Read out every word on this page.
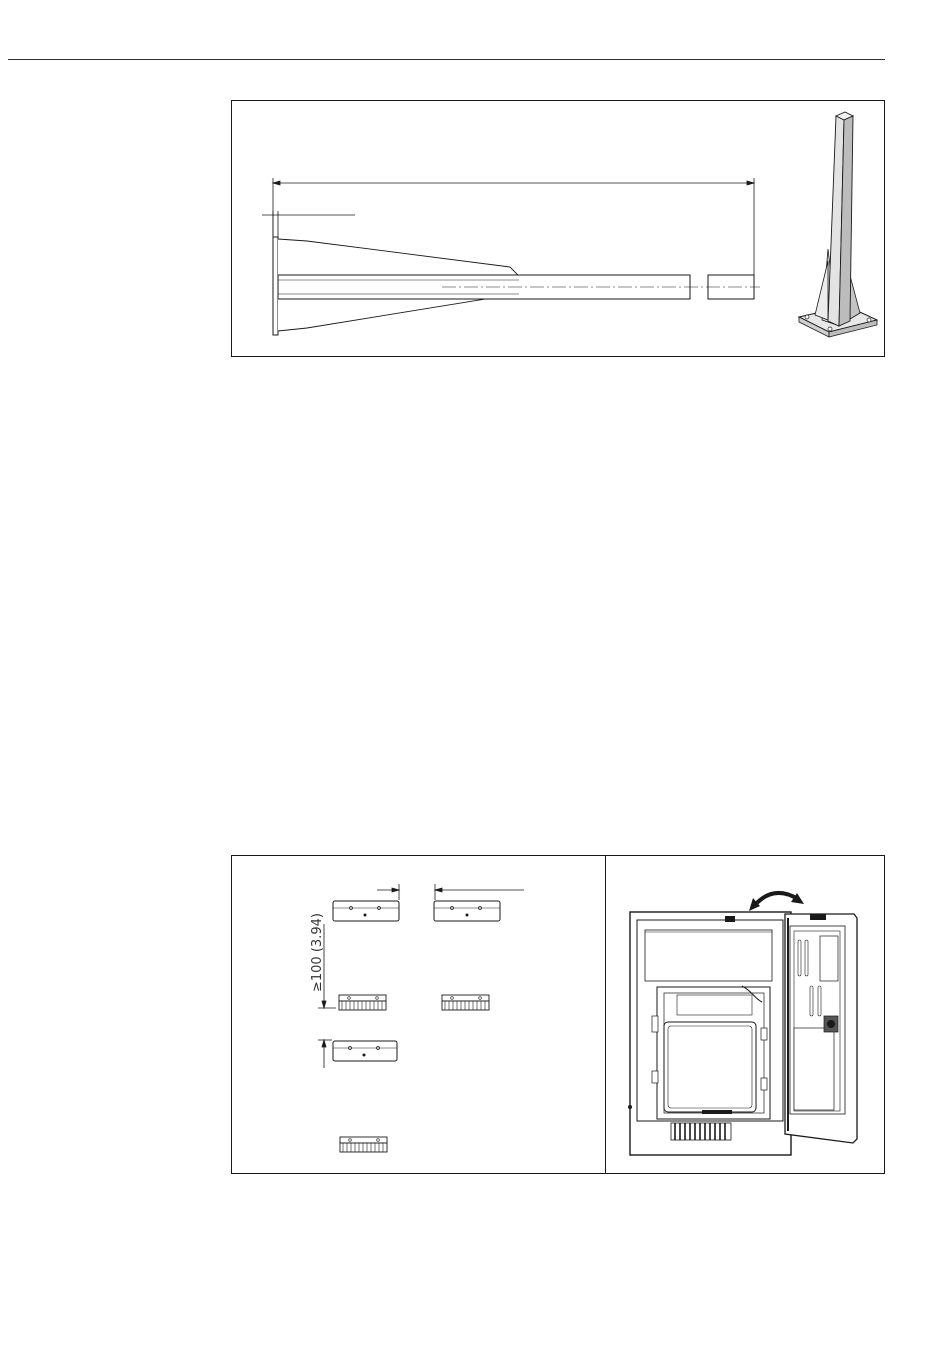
≥100 (3.94)
